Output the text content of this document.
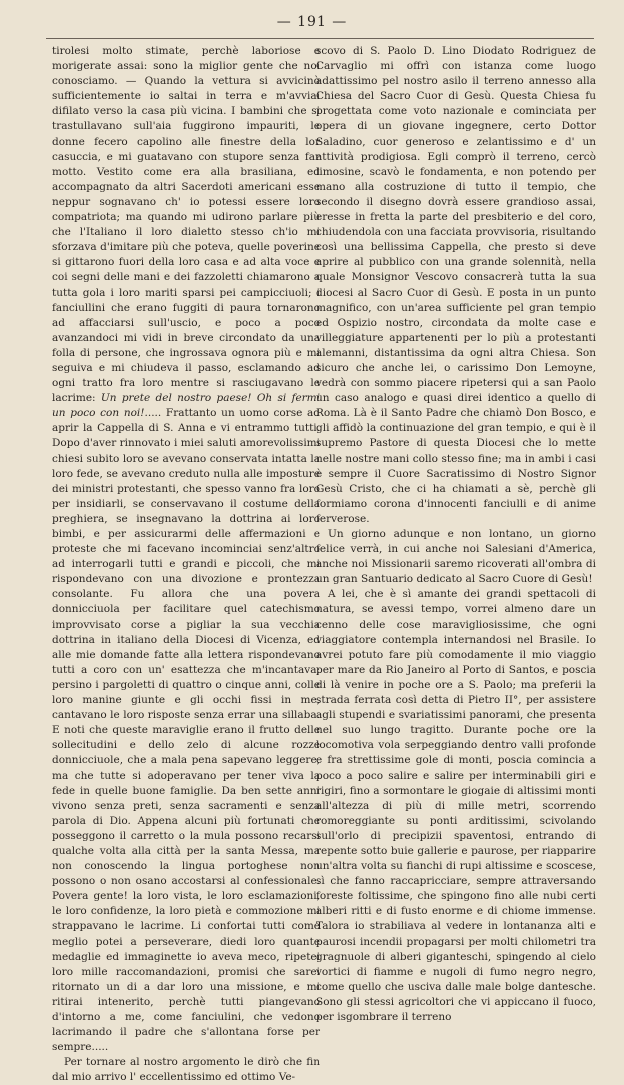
— 191 —

tirolesi molto stimate, perchè laboriose e morigerate assai: sono la miglior gente che noi conosciamo. — Quando la vettura si avvicinò sufficientemente io saltai in terra e m'avviai difilato verso la casa più vicina. I bambini che si trastullavano sull'aia fuggirono impauriti, le donne fecero capolino alle finestre della lor casuccia, e mi guatavano con stupore senza far motto. Vestito come era alla brasiliana, ed accompagnato da altri Sacerdoti americani esse neppur sognavano ch' io potessi essere loro compatriota; ma quando mi udirono parlare più che l'Italiano il loro dialetto stesso ch'io mi sforzava d'imitare più che poteva, quelle poverine si gittarono fuori della loro casa e ad alta voce e coi segni delle mani e dei fazzoletti chiamarono a tutta gola i loro mariti sparsi pei campicciuoli; i fanciullini che erano fuggiti di paura tornarono ad affacciarsi sull'uscio, e poco a poco avanzandoci mi vidi in breve circondato da una folla di persone, che ingrossava ognora più e mi seguiva e mi chiudeva il passo, esclamando ad ogni tratto fra loro mentre si rasciugavano le lacrime: Un prete del nostro paese! Oh si fermi un poco con noi!..... Frattanto un uomo corse ad aprir la Cappella di S. Anna e vi entrammo tutti. Dopo d'aver rinnovato i miei saluti amorevolissimi chiesi subito loro se avevano conservata intatta la loro fede, se avevano creduto nulla alle imposture dei ministri protestanti, che spesso vanno fra loro per insidiarli, se conservavano il costume della preghiera, se insegnavano la dottrina ai loro bimbi, e per assicurarmi delle affermazioni e proteste che mi facevano incominciai senz'altro ad interrogarli tutti e grandi e piccoli, che mi rispondevano con una divozione e prontezza consolante. Fu allora che una povera donnicciuola per facilitare quel catechismo improvvisato corse a pigliar la sua vecchia dottrina in italiano della Diocesi di Vicenza, ed alle mie domande fatte alla lettera rispondevano tutti a coro con un' esattezza che m'incantava; persino i pargoletti di quattro o cinque anni, colle loro manine giunte e gli occhi fissi in me, cantavano le loro risposte senza errar una sillaba. E noti che queste maraviglie erano il frutto delle sollecitudini e dello zelo di alcune rozze donnicciuole, che a mala pena sapevano leggere, ma che tutte si adoperavano per tener viva la fede in quelle buone famiglie. Da ben sette anni vivono senza preti, senza sacramenti e senza parola di Dio. Appena alcuni più fortunati che posseggono il carretto o la mula possono recarsi qualche volta alla città per la santa Messa, ma non conoscendo la lingua portoghese non possono o non osano accostarsi al confessionale. Povera gente! la loro vista, le loro esclamazioni, le loro confidenze, la loro pietà e commozione mi strappavano le lacrime. Li confortai tutti come meglio potei a perseverare, diedi loro quante medaglie ed immaginette io aveva meco, ripetei loro mille raccomandazioni, promisi che sarei ritornato un di a dar loro una missione, e mi ritirai intenerito, perchè tutti piangevano d'intorno a me, come fanciulini, che vedono lacrimando il padre che s'allontana forse per sempre.....

Per tornare al nostro argomento le dirò che fin dal mio arrivo l' eccellentissimo ed ottimo Ve-

scovo di S. Paolo D. Lino Diodato Rodriguez de Carvaglio mi offrì con istanza come luogo adattissimo pel nostro asilo il terreno annesso alla Chiesa del Sacro Cuor di Gesù. Questa Chiesa fu progettata come voto nazionale e cominciata per opera di un giovane ingegnere, certo Dottor Saladino, cuor generoso e zelantissimo e d' un attività prodigiosa. Egli comprò il terreno, cercò limosine, scavò le fondamenta, e non potendo per mano alla costruzione di tutto il tempio, che secondo il disegno dovrà essere grandioso assai, eresse in fretta la parte del presbiterio e del coro, chiudendola con una facciata provvisoria, risultando così una bellissima Cappella, che presto si deve aprire al pubblico con una grande solennità, nella quale Monsignor Vescovo consacrerà tutta la sua diocesi al Sacro Cuor di Gesù. E posta in un punto magnifico, con un'area sufficiente pel gran tempio ed Ospizio nostro, circondata da molte case e villeggiature appartenenti per lo più a protestanti alemanni, distantissima da ogni altra Chiesa. Son sicuro che anche lei, o carissimo Don Lemoyne, vedrà con sommo piacere ripetersi qui a san Paolo un caso analogo e quasi direi identico a quello di Roma. Là è il Santo Padre che chiamò Don Bosco, e gli affidò la continuazione del gran tempio, e qui è il supremo Pastore di questa Diocesi che lo mette nelle nostre mani collo stesso fine; ma in ambi i casi è sempre il Cuore Sacratissimo di Nostro Signor Gesù Cristo, che ci ha chiamati a sè, perchè gli formiamo corona d'innocenti fanciulli e di anime ferverose.

Un giorno adunque e non lontano, un giorno felice verrà, in cui anche noi Salesiani d'America, anche noi Missionarii saremo ricoverati all'ombra di un gran Santuario dedicato al Sacro Cuore di Gesù!

A lei, che è sì amante dei grandi spettacoli di natura, se avessi tempo, vorrei almeno dare un cenno delle cose maravigliosissime, che ogni viaggiatore contempla internandosi nel Brasile. Io avrei potuto fare più comodamente il mio viaggio per mare da Rio Janeiro al Porto di Santos, e poscia di là venire in poche ore a S. Paolo; ma preferii la strada ferrata così detta di Pietro II°, per assistere agli stupendi e svariatissimi panorami, che presenta nel suo lungo tragitto. Durante poche ore la locomotiva vola serpeggiando dentro valli profonde e fra strettissime gole di monti, poscia comincia a poco a poco salire e salire per interminabili giri e rigiri, fino a sormontare le giogaie di altissimi monti all'altezza di più di mille metri, scorrendo romoreggiante su ponti arditissimi, scivolando sull'orlo di precipizii spaventosi, entrando di repente sotto buie gallerie e paurose, per riapparire un'altra volta su fianchi di rupi altissime e scoscese, sì che fanno raccapricciare, sempre attraversando foreste foltissime, che spingono fino alle nubi certi alberi ritti e di fusto enorme e di chiome immense. Talora io strabiliava al vedere in lontananza alti e paurosi incendii propagarsi per molti chilometri tra gragnuole di alberi giganteschi, spingendo al cielo vortici di fiamme e nugoli di fumo negro negro, come quello che usciva dalle male bolge dantesche. Sono gli stessi agricoltori che vi appiccano il fuoco, per isgombrare il terreno
